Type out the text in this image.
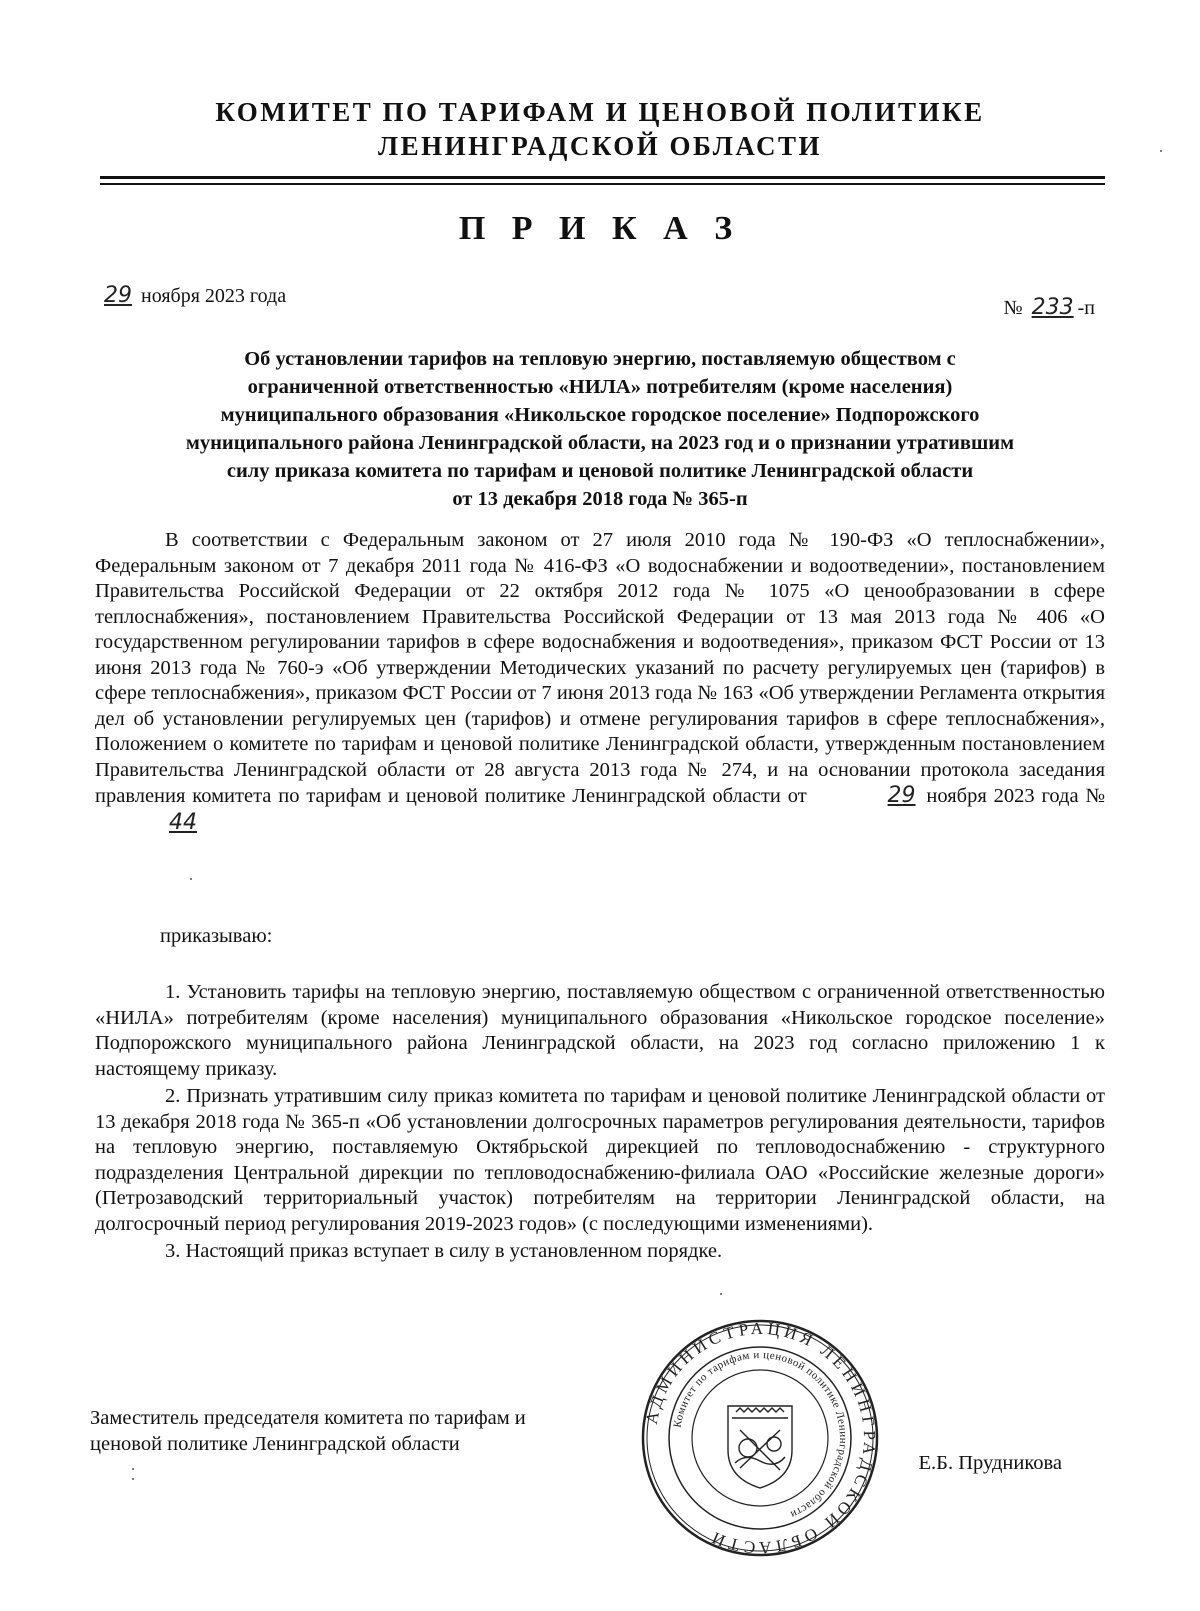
КОМИТЕТ ПО ТАРИФАМ И ЦЕНОВОЙ ПОЛИТИКЕ
ЛЕНИНГРАДСКОЙ ОБЛАСТИ
П Р И К А З
29 ноября 2023 года
№ 233 -п
Об установлении тарифов на тепловую энергию, поставляемую обществом с
ограниченной ответственностью «НИЛА» потребителям (кроме населения)
муниципального образования «Никольское городское поселение» Подпорожского
муниципального района Ленинградской области, на 2023 год и о признании утратившим
силу приказа комитета по тарифам и ценовой политике Ленинградской области
от 13 декабря 2018 года № 365-п

В соответствии с Федеральным законом от 27 июля 2010 года № 190-ФЗ «О теплоснабжении», Федеральным законом от 7 декабря 2011 года № 416-ФЗ «О водоснабжении и водоотведении», постановлением Правительства Российской Федерации от 22 октября 2012 года № 1075 «О ценообразовании в сфере теплоснабжения», постановлением Правительства Российской Федерации от 13 мая 2013 года № 406 «О государственном регулировании тарифов в сфере водоснабжения и водоотведения», приказом ФСТ России от 13 июня 2013 года № 760-э «Об утверждении Методических указаний по расчету регулируемых цен (тарифов) в сфере теплоснабжения», приказом ФСТ России от 7 июня 2013 года № 163 «Об утверждении Регламента открытия дел об установлении регулируемых цен (тарифов) и отмене регулирования тарифов в сфере теплоснабжения», Положением о комитете по тарифам и ценовой политике Ленинградской области, утвержденным постановлением Правительства Ленинградской области от 28 августа 2013 года № 274, и на основании протокола заседания правления комитета по тарифам и ценовой политике Ленинградской области от	29 ноября 2023 года № 44

приказываю:

1. Установить тарифы на тепловую энергию, поставляемую обществом с ограниченной ответственностью «НИЛА» потребителям (кроме населения) муниципального образования «Никольское городское поселение» Подпорожского муниципального района Ленинградской области, на 2023 год согласно приложению 1 к настоящему приказу.

2. Признать утратившим силу приказ комитета по тарифам и ценовой политике Ленинградской области от 13 декабря 2018 года № 365-п «Об установлении долгосрочных параметров регулирования деятельности, тарифов на тепловую энергию, поставляемую Октябрьской дирекцией по тепловодоснабжению - структурного подразделения Центральной дирекции по тепловодоснабжению-филиала ОАО «Российские железные дороги» (Петрозаводский территориальный участок) потребителям на территории Ленинградской области, на долгосрочный период регулирования 2019-2023 годов» (с последующими изменениями).

3. Настоящий приказ вступает в силу в установленном порядке.

Заместитель председателя комитета по тарифам и
ценовой политике Ленинградской области
Е.Б. Прудникова
АДМИНИСТРАЦИЯ ЛЕНИНГРАДСКОЙ ОБЛАСТИ
Комитет по тарифам и ценовой политике Ленинградской области
